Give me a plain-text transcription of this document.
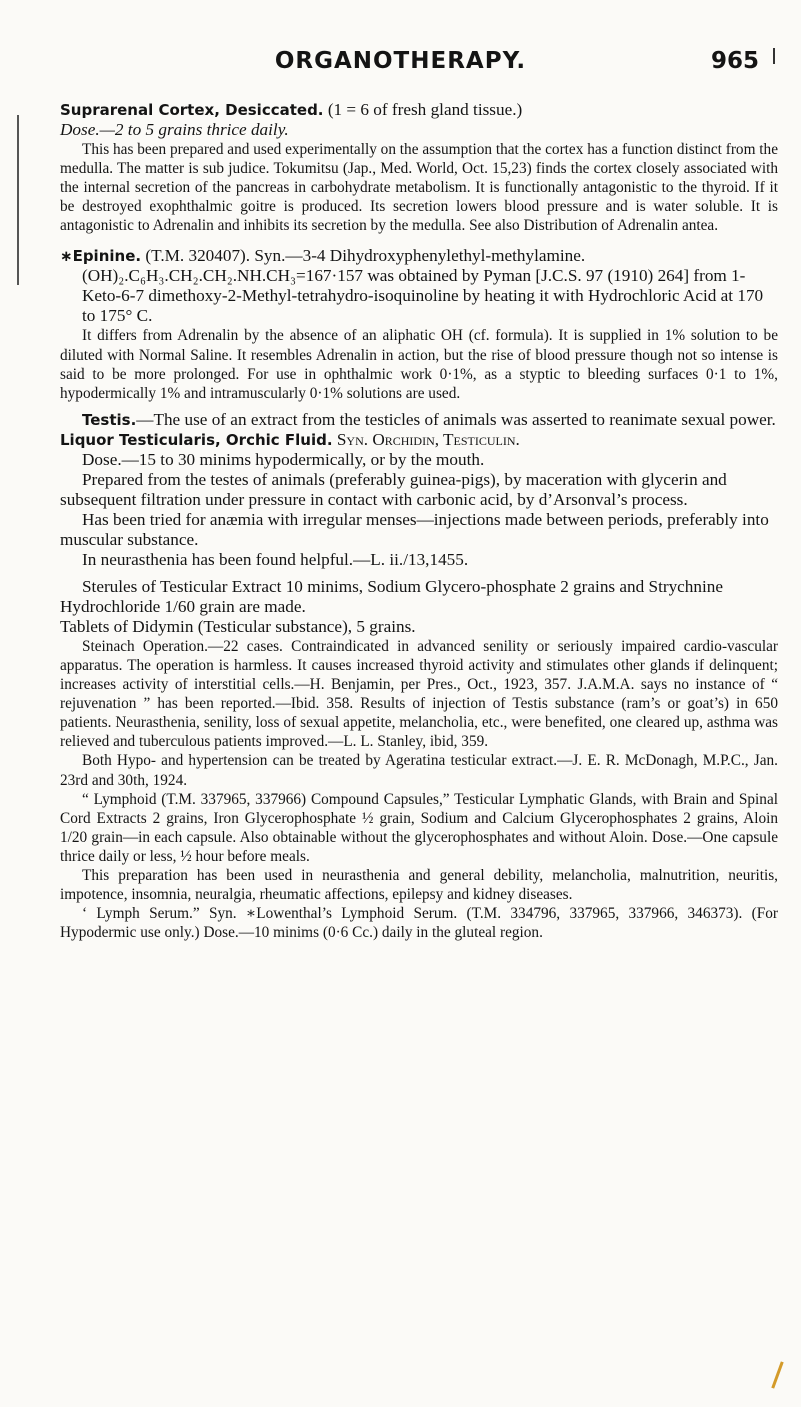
ORGANOTHERAPY.	965

Suprarenal Cortex, Desiccated. (1 = 6 of fresh gland tissue.)

Dose.—2 to 5 grains thrice daily.

This has been prepared and used experimentally on the assumption that the cortex has a function distinct from the medulla. The matter is sub judice. Tokumitsu (Jap., Med. World, Oct. 15,23) finds the cortex closely associated with the internal secretion of the pancreas in carbohydrate metabolism. It is functionally antagonistic to the thyroid. If it be destroyed exophthalmic goitre is produced. Its secretion lowers blood pressure and is water soluble. It is antagonistic to Adrenalin and inhibits its secretion by the medulla. See also Distribution of Adrenalin antea.

∗Epinine. (T.M. 320407). Syn.—3-4 Dihydroxyphenylethyl-methylamine.(OH)₂.C₆H₃.CH₂.CH₂.NH.CH₃=167·157 was obtained by Pyman [J.C.S. 97 (1910) 264] from 1-Keto-6-7 dimethoxy-2-Methyl-tetrahydro-isoquinoline by heating it with Hydrochloric Acid at 170 to 175° C.

It differs from Adrenalin by the absence of an aliphatic OH (cf. formula). It is supplied in 1% solution to be diluted with Normal Saline. It resembles Adrenalin in action, but the rise of blood pressure though not so intense is said to be more prolonged. For use in ophthalmic work 0·1%, as a styptic to bleeding surfaces 0·1 to 1%, hypodermically 1% and intramuscularly 0·1% solutions are used.

Testis.—The use of an extract from the testicles of animals was asserted to reanimate sexual power.

Liquor Testicularis, Orchic Fluid. Syn. Orchidin, Testiculin.

Dose.—15 to 30 minims hypodermically, or by the mouth.

Prepared from the testes of animals (preferably guinea-pigs), by maceration with glycerin and subsequent filtration under pressure in contact with carbonic acid, by d’Arsonval’s process.

Has been tried for anæmia with irregular menses—injections made between periods, preferably into muscular substance.

In neurasthenia has been found helpful.—L. ii./13,1455.

Sterules of Testicular Extract 10 minims, Sodium Glycero-phosphate 2 grains and Strychnine Hydrochloride 1/60 grain are made.

Tablets of Didymin (Testicular substance), 5 grains.

Steinach Operation.—22 cases. Contraindicated in advanced senility or seriously impaired cardio-vascular apparatus. The operation is harmless. It causes increased thyroid activity and stimulates other glands if delinquent; increases activity of interstitial cells.—H. Benjamin, per Pres., Oct., 1923, 357. J.A.M.A. says no instance of “ rejuvenation ” has been reported.—Ibid. 358. Results of injection of Testis substance (ram’s or goat’s) in 650 patients. Neurasthenia, senility, loss of sexual appetite, melancholia, etc., were benefited, one cleared up, asthma was relieved and tuberculous patients improved.—L. L. Stanley, ibid, 359.

Both Hypo- and hypertension can be treated by Ageratina testicular extract.—J. E. R. McDonagh, M.P.C., Jan. 23rd and 30th, 1924.

“ Lymphoid (T.M. 337965, 337966) Compound Capsules,” Testicular Lymphatic Glands, with Brain and Spinal Cord Extracts 2 grains, Iron Glycerophosphate ½ grain, Sodium and Calcium Glycerophosphates 2 grains, Aloin 1/20 grain—in each capsule. Also obtainable without the glycerophosphates and without Aloin. Dose.—One capsule thrice daily or less, ½ hour before meals.

This preparation has been used in neurasthenia and general debility, melancholia, malnutrition, neuritis, impotence, insomnia, neuralgia, rheumatic affections, epilepsy and kidney diseases.

‘ Lymph Serum.” Syn. ∗Lowenthal’s Lymphoid Serum. (T.M. 334796, 337965, 337966, 346373). (For Hypodermic use only.) Dose.—10 minims (0·6 Cc.) daily in the gluteal region.
